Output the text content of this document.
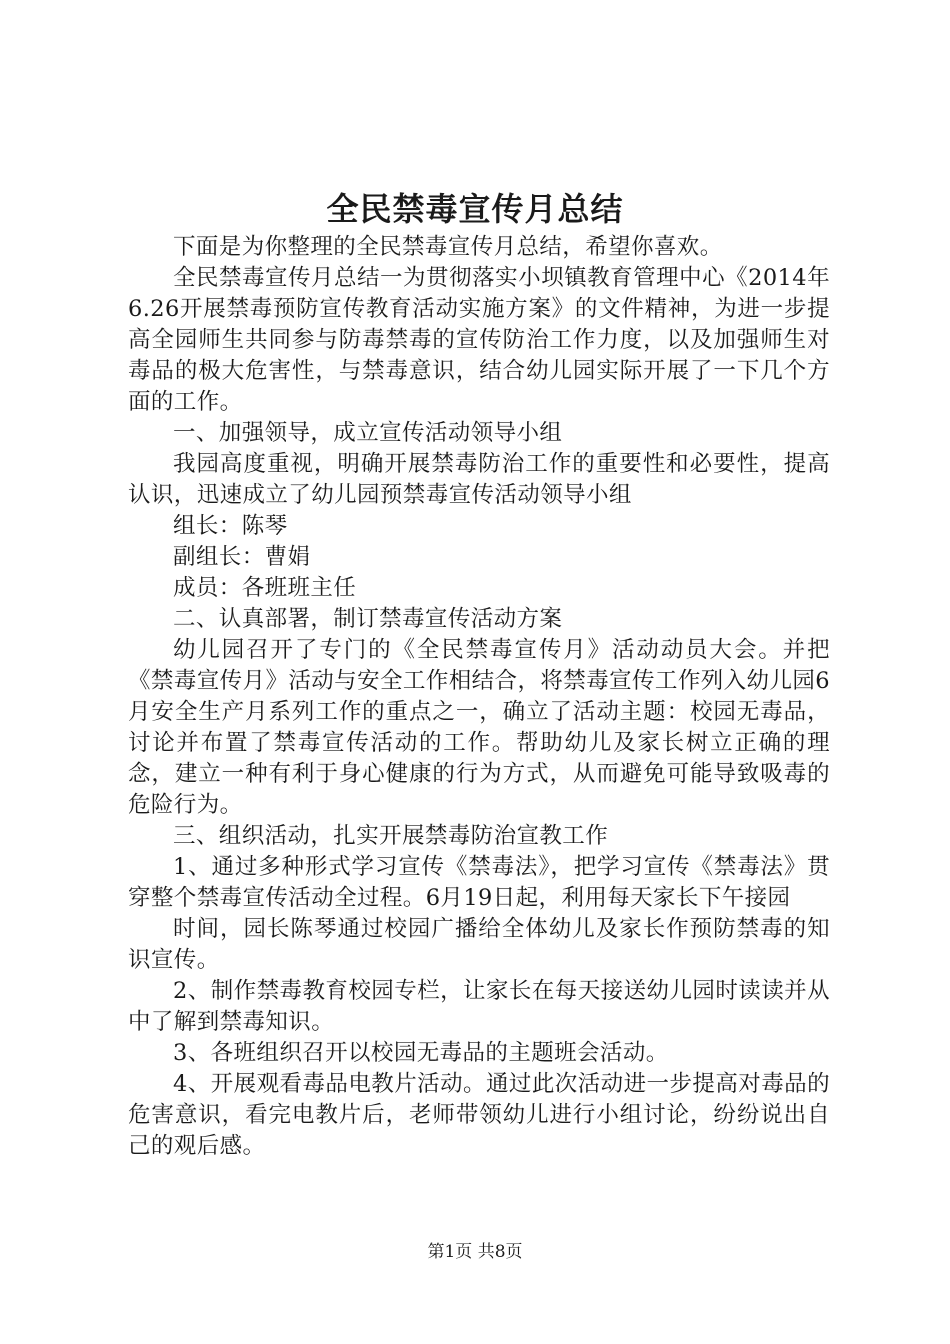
全民禁毒宣传月总结

下面是为你整理的全民禁毒宣传月总结，希望你喜欢。

全民禁毒宣传月总结一为贯彻落实小坝镇教育管理中心《2014年6.26开展禁毒预防宣传教育活动实施方案》的文件精神，为进一步提高全园师生共同参与防毒禁毒的宣传防治工作力度，以及加强师生对毒品的极大危害性，与禁毒意识，结合幼儿园实际开展了一下几个方面的工作。

一、加强领导，成立宣传活动领导小组

我园高度重视，明确开展禁毒防治工作的重要性和必要性，提高认识，迅速成立了幼儿园预禁毒宣传活动领导小组

组长：陈琴

副组长：曹娟

成员：各班班主任

二、认真部署，制订禁毒宣传活动方案

幼儿园召开了专门的《全民禁毒宣传月》活动动员大会。并把《禁毒宣传月》活动与安全工作相结合，将禁毒宣传工作列入幼儿园6月安全生产月系列工作的重点之一，确立了活动主题：校园无毒品，讨论并布置了禁毒宣传活动的工作。帮助幼儿及家长树立正确的理念，建立一种有利于身心健康的行为方式，从而避免可能导致吸毒的危险行为。

三、组织活动，扎实开展禁毒防治宣教工作

1、通过多种形式学习宣传《禁毒法》，把学习宣传《禁毒法》贯穿整个禁毒宣传活动全过程。6月19日起，利用每天家长下午接园

时间，园长陈琴通过校园广播给全体幼儿及家长作预防禁毒的知识宣传。

2、制作禁毒教育校园专栏，让家长在每天接送幼儿园时读读并从中了解到禁毒知识。

3、各班组织召开以校园无毒品的主题班会活动。

4、开展观看毒品电教片活动。通过此次活动进一步提高对毒品的危害意识，看完电教片后，老师带领幼儿进行小组讨论，纷纷说出自己的观后感。

第1页 共8页
